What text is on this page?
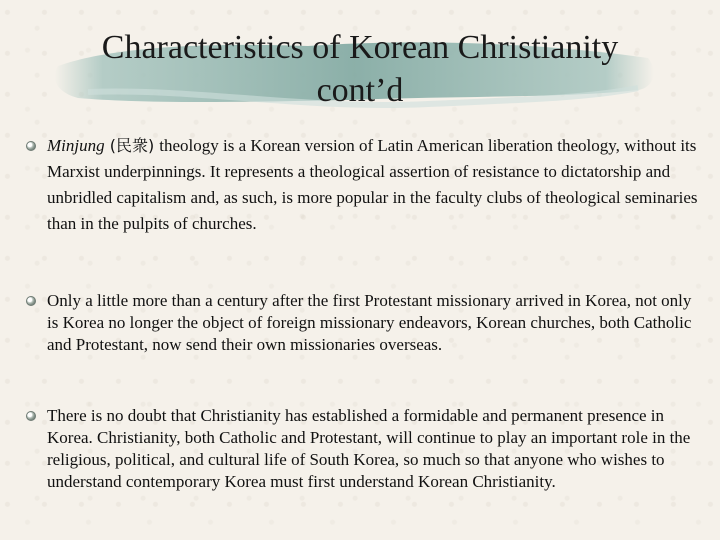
Characteristics of Korean Christianity
cont’d
Minjung (民衆) theology is a Korean version of Latin American liberation theology, without its Marxist underpinnings. It represents a theological assertion of resistance to dictatorship and unbridled capitalism and, as such, is more popular in the faculty clubs of theological seminaries than in the pulpits of churches.
Only a little more than a century after the first Protestant missionary arrived in Korea, not only is Korea no longer the object of foreign missionary endeavors, Korean churches, both Catholic and Protestant, now send their own missionaries overseas.
There is no doubt that Christianity has established a formidable and permanent presence in Korea. Christianity, both Catholic and Protestant, will continue to play an important role in the religious, political, and cultural life of South Korea, so much so that anyone who wishes to understand contemporary Korea must first understand Korean Christianity.
